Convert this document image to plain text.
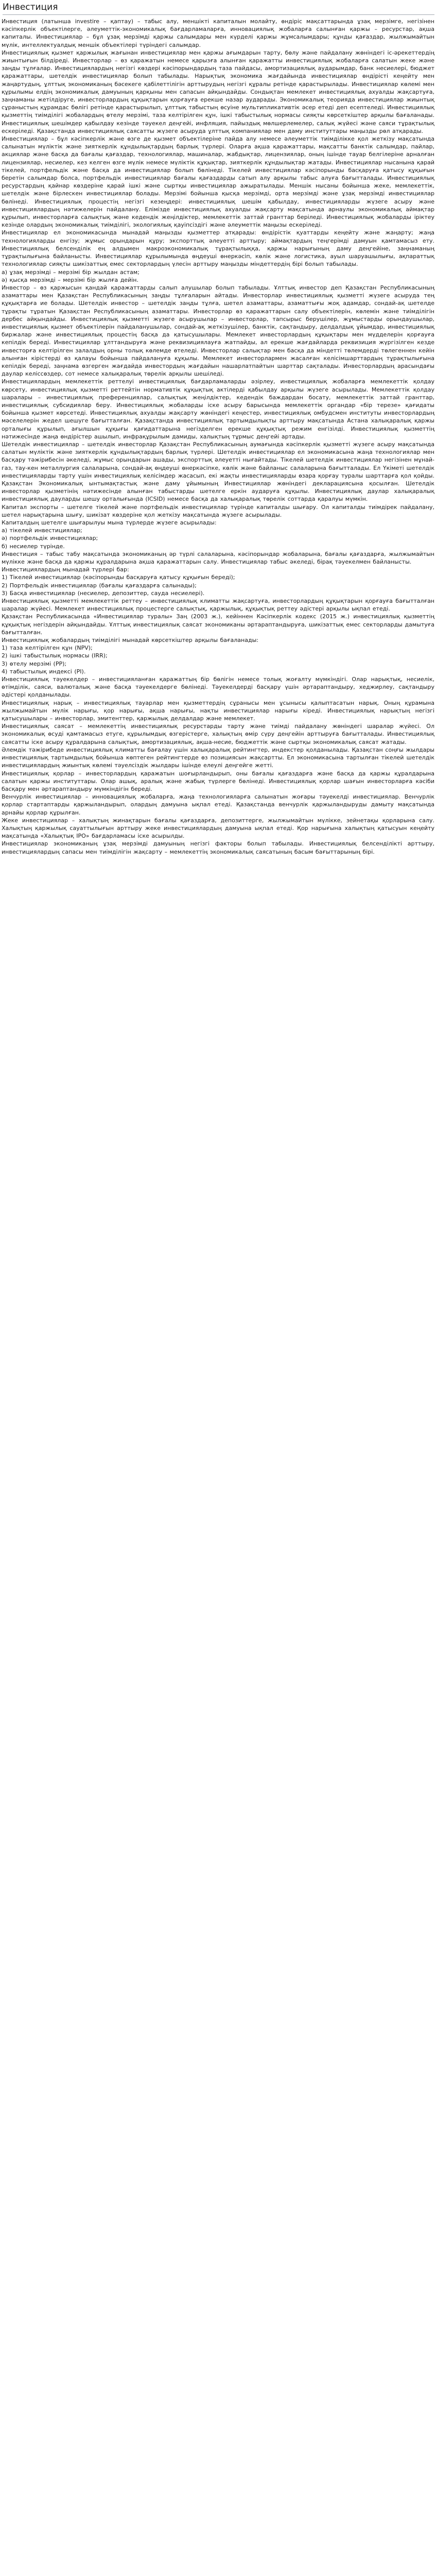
Инвестиция

Инвестиция (латынша investire – қаптау) – табыс алу, меншікті капиталын молайту, өндіріс мақсаттарында ұзақ мерзімге, негізінен кәсіпкерлік объектілерге, әлеуметтік-экономикалық бағдарламаларға, инновациялық жобаларға салынған қаржы – ресурстар, ақша капиталы. Инвестициялар – бұл ұзақ мерзімді қаржы салымдары мен күрделі қаржы жұмсалымдары; құнды қағаздар, жылжымайтын мүлік, интеллектуалдық меншік объектілері түріндегі салымдар.

Инвестициялық қызмет қаржылық жағынан инвестициялар мен қаржы ағымдарын тарту, бөлу және пайдалану жөніндегі іс-әрекеттердің жиынтығын білдіреді. Инвесторлар – өз қаражатын немесе қарызға алынған қаражатты инвестициялық жобаларға салатын жеке және заңды тұлғалар. Инвестициялардың негізгі көздері кәсіпорындардың таза пайдасы, амортизациялық аударымдар, банк несиелері, бюджет қаражаттары, шетелдік инвестициялар болып табылады. Нарықтық экономика жағдайында инвестициялар өндірісті кеңейту мен жаңартудың, ұлттық экономиканың бәсекеге қабілеттілігін арттырудың негізгі құралы ретінде қарастырылады. Инвестициялар көлемі мен құрылымы елдің экономикалық дамуының қарқыны мен сапасын айқындайды. Сондықтан мемлекет инвестициялық ахуалды жақсартуға, заңнаманы жетілдіруге, инвесторлардың құқықтарын қорғауға ерекше назар аударады. Экономикалық теорияда инвестициялар жиынтық сұраныстың құрамдас бөлігі ретінде қарастырылып, ұлттық табыстың өсуіне мультипликативтік әсер етеді деп есептеледі. Инвестициялық қызметтің тиімділігі жобалардың өтелу мерзімі, таза келтірілген құн, ішкі табыстылық нормасы сияқты көрсеткіштер арқылы бағаланады. Инвестициялық шешімдер қабылдау кезінде тәуекел деңгейі, инфляция, пайыздық мөлшерлемелер, салық жүйесі және саяси тұрақтылық ескеріледі. Қазақстанда инвестициялық саясатты жүзеге асыруда ұлттық компаниялар мен даму институттары маңызды рөл атқарады.

Инвестициялар – бұл кәсіпкерлік және өзге де қызмет объектілеріне пайда алу немесе әлеуметтік тиімділікке қол жеткізу мақсатында салынатын мүліктік және зияткерлік құндылықтардың барлық түрлері. Оларға ақша қаражаттары, мақсатты банктік салымдар, пайлар, акциялар және басқа да бағалы қағаздар, технологиялар, машиналар, жабдықтар, лицензиялар, оның ішінде тауар белгілеріне арналған лицензиялар, несиелер, кез келген өзге мүлік немесе мүліктік құқықтар, зияткерлік құндылықтар жатады. Инвестициялар нысанына қарай тікелей, портфельдік және басқа да инвестициялар болып бөлінеді. Тікелей инвестициялар кәсіпорынды басқаруға қатысу құқығын беретін салымдар болса, портфельдік инвестициялар бағалы қағаздарды сатып алу арқылы табыс алуға бағытталады. Инвестициялық ресурстардың қайнар көздеріне қарай ішкі және сыртқы инвестициялар ажыратылады. Меншік нысаны бойынша жеке, мемлекеттік, шетелдік және бірлескен инвестициялар болады. Мерзімі бойынша қысқа мерзімді, орта мерзімді және ұзақ мерзімді инвестициялар бөлінеді. Инвестициялық процестің негізгі кезеңдері: инвестициялық шешім қабылдау, инвестицияларды жүзеге асыру және инвестициялардың нәтижелерін пайдалану. Елімізде инвестициялық ахуалды жақсарту мақсатында арнаулы экономикалық аймақтар құрылып, инвесторларға салықтық және кедендік жеңілдіктер, мемлекеттік заттай гранттар беріледі. Инвестициялық жобаларды іріктеу кезінде олардың экономикалық тиімділігі, экологиялық қауіпсіздігі және әлеуметтік маңызы ескеріледі.

Инвестициялар ел экономикасында мынадай маңызды қызметтер атқарады: өндірістік қуаттарды кеңейту және жаңарту; жаңа технологияларды енгізу; жұмыс орындарын құру; экспорттық әлеуетті арттыру; аймақтардың теңгерімді дамуын қамтамасыз ету. Инвестициялық белсенділік ең алдымен макроэкономикалық тұрақтылыққа, қаржы нарығының даму деңгейіне, заңнаманың тұрақтылығына байланысты. Инвестициялар құрылымында өңдеуші өнеркәсіп, көлік және логистика, ауыл шаруашылығы, ақпараттық технологиялар сияқты шикізаттық емес секторлардың үлесін арттыру маңызды міндеттердің бірі болып табылады.

а) ұзақ мерзімді – мерзімі бір жылдан астам;

ә) қысқа мерзімді – мерзімі бір жылға дейін.

Инвестор – өз қаржысын қандай қаражаттарды салып алушылар болып табылады. Ұлттық инвестор деп Қазақстан Республикасының азаматтары мен Қазақстан Республикасының заңды тұлғаларын айтады. Инвесторлар инвестициялық қызметті жүзеге асыруда тең құқықтарға ие болады. Шетелдік инвестор – шетелдік заңды тұлға, шетел азаматтары, азаматтығы жоқ адамдар, сондай-ақ шетелде тұрақты тұратын Қазақстан Республикасының азаматтары. Инвесторлар өз қаражаттарын салу объектілерін, көлемін және тиімділігін дербес айқындайды. Инвестициялық қызметті жүзеге асырушылар – инвесторлар, тапсырыс берушілер, жұмыстарды орындаушылар, инвестициялық қызмет объектілерін пайдаланушылар, сондай-ақ жеткізушілер, банктік, сақтандыру, делдалдық ұйымдар, инвестициялық биржалар және инвестициялық процестің басқа да қатысушылары. Мемлекет инвесторлардың құқықтары мен мүдделерін қорғауға кепілдік береді. Инвестициялар ұлттандыруға және реквизициялауға жатпайды, ал ерекше жағдайларда реквизиция жүргізілген кезде инвесторға келтірілген залалдың орны толық көлемде өтеледі. Инвесторлар салықтар мен басқа да міндетті төлемдерді төлегеннен кейін алынған кірістерді өз қалауы бойынша пайдалануға құқылы. Мемлекет инвесторлармен жасалған келісімшарттардың тұрақтылығына кепілдік береді, заңнама өзгерген жағдайда инвестордың жағдайын нашарлатпайтын шарттар сақталады. Инвесторлардың арасындағы даулар келіссөздер, сот немесе халықаралық төрелік арқылы шешіледі.

Инвестициялардың мемлекеттік реттелуі инвестициялық бағдарламаларды әзірлеу, инвестициялық жобаларға мемлекеттік қолдау көрсету, инвестициялық қызметті реттейтін нормативтік құқықтық актілерді қабылдау арқылы жүзеге асырылады. Мемлекеттік қолдау шаралары – инвестициялық преференциялар, салықтық жеңілдіктер, кедендік баждардан босату, мемлекеттік заттай гранттар, инвестициялық субсидиялар беру. Инвестициялық жобаларды іске асыру барысында мемлекеттік органдар «бір терезе» қағидаты бойынша қызмет көрсетеді. Инвестициялық ахуалды жақсарту жөніндегі кеңестер, инвестициялық омбудсмен институты инвесторлардың мәселелерін жедел шешуге бағытталған. Қазақстанда инвестициялық тартымдылықты арттыру мақсатында Астана халықаралық қаржы орталығы құрылып, ағылшын құқығы қағидаттарына негізделген ерекше құқықтық режим енгізілді. Инвестициялық қызметтің нәтижесінде жаңа өндірістер ашылып, инфрақұрылым дамиды, халықтың тұрмыс деңгейі артады.

Шетелдік инвестициялар – шетелдік инвесторлар Қазақстан Республикасының аумағында кәсіпкерлік қызметті жүзеге асыру мақсатында салатын мүліктік және зияткерлік құндылықтардың барлық түрлері. Шетелдік инвестициялар ел экономикасына жаңа технологиялар мен басқару тәжірибесін әкеледі, жұмыс орындарын ашады, экспорттық әлеуетті нығайтады. Тікелей шетелдік инвестициялар негізінен мұнай-газ, тау-кен металлургия салаларына, сондай-ақ өңдеуші өнеркәсіпке, көлік және байланыс салаларына бағытталады. Ел Үкіметі шетелдік инвестицияларды тарту үшін инвестициялық келісімдер жасасып, екі жақты инвестицияларды өзара қорғау туралы шарттарға қол қойды. Қазақстан Экономикалық ынтымақтастық және даму ұйымының Инвестициялар жөніндегі декларациясына қосылған. Шетелдік инвесторлар қызметінің нәтижесінде алынған табыстарды шетелге еркін аударуға құқылы. Инвестициялық даулар халықаралық инвестициялық дауларды шешу орталығында (ICSID) немесе басқа да халықаралық төрелік соттарда қаралуы мүмкін.

Капитал экспорты – шетелге тікелей және портфельдік инвестициялар түрінде капиталды шығару. Ол капиталды тиімдірек пайдалану, шетел нарықтарына шығу, шикізат көздеріне қол жеткізу мақсатында жүзеге асырылады.

Капиталдың шетелге шығарылуы мына түрлерде жүзеге асырылады:

а) тікелей инвестициялар;

ә) портфельдік инвестициялар;

б) несиелер түрінде.

Инвестиция – табыс табу мақсатында экономиканың әр түрлі салаларына, кәсіпорындар жобаларына, бағалы қағаздарға, жылжымайтын мүлікке және басқа да қаржы құралдарына ақша қаражаттарын салу. Инвестициялар табыс әкеледі, бірақ тәуекелмен байланысты.

Инвестициялардың мынадай түрлері бар:

1) Тікелей инвестициялар (кәсіпорынды басқаруға қатысу құқығын береді);

2) Портфельдік инвестициялар (бағалы қағаздарға салынады);

3) Басқа инвестициялар (несиелер, депозиттер, сауда несиелері).

Инвестициялық қызметті мемлекеттік реттеу – инвестициялық климатты жақсартуға, инвесторлардың құқықтарын қорғауға бағытталған шаралар жүйесі. Мемлекет инвестициялық процестерге салықтық, қаржылық, құқықтық реттеу әдістері арқылы ықпал етеді.

Қазақстан Республикасында «Инвестициялар туралы» Заң (2003 ж.), кейіннен Кәсіпкерлік кодекс (2015 ж.) инвестициялық қызметтің құқықтық негіздерін айқындайды. Ұлттық инвестициялық саясат экономиканы әртараптандыруға, шикізаттық емес секторларды дамытуға бағытталған.

Инвестициялық жобалардың тиімділігі мынадай көрсеткіштер арқылы бағаланады:

1) таза келтірілген құн (NPV);

2) ішкі табыстылық нормасы (IRR);

3) өтелу мерзімі (PP);

4) табыстылық индексі (PI).

Инвестициялық тәуекелдер – инвестицияланған қаражаттың бір бөлігін немесе толық жоғалту мүмкіндігі. Олар нарықтық, несиелік, өтімділік, саяси, валюталық және басқа тәуекелдерге бөлінеді. Тәуекелдерді басқару үшін әртараптандыру, хеджирлеу, сақтандыру әдістері қолданылады.

Инвестициялық нарық – инвестициялық тауарлар мен қызметтердің сұранысы мен ұсынысы қалыптасатын нарық. Оның құрамына жылжымайтын мүлік нарығы, қор нарығы, ақша нарығы, нақты инвестициялар нарығы кіреді. Инвестициялық нарықтың негізгі қатысушылары – инвесторлар, эмитенттер, қаржылық делдалдар және мемлекет.

Инвестициялық саясат – мемлекеттің инвестициялық ресурстарды тарту және тиімді пайдалану жөніндегі шаралар жүйесі. Ол экономикалық өсуді қамтамасыз етуге, құрылымдық өзгерістерге, халықтың өмір сүру деңгейін арттыруға бағытталады. Инвестициялық саясатты іске асыру құралдарына салықтық, амортизациялық, ақша-несие, бюджеттік және сыртқы экономикалық саясат жатады.

Әлемдік тәжірибеде инвестициялық климатты бағалау үшін халықаралық рейтингтер, индекстер қолданылады. Қазақстан соңғы жылдары инвестициялық тартымдылық бойынша көптеген рейтингтерде өз позициясын жақсартты. Ел экономикасына тартылған тікелей шетелдік инвестициялардың жиынтық көлемі тәуелсіздік жылдары ішінде елеулі деңгейге жетті.

Инвестициялық қорлар – инвесторлардың қаражатын шоғырландырып, оны бағалы қағаздарға және басқа да қаржы құралдарына салатын қаржы институттары. Олар ашық, аралық және жабық түрлерге бөлінеді. Инвестициялық қорлар шағын инвесторларға кәсіби басқару мен әртараптандыру мүмкіндігін береді.

Венчурлік инвестициялар – инновациялық жобаларға, жаңа технологияларға салынатын жоғары тәуекелді инвестициялар. Венчурлік қорлар стартаптарды қаржыландырып, олардың дамуына ықпал етеді. Қазақстанда венчурлік қаржыландыруды дамыту мақсатында арнайы қорлар құрылған.

Жеке инвестициялар – халықтың жинақтарын бағалы қағаздарға, депозиттерге, жылжымайтын мүлікке, зейнетақы қорларына салу. Халықтың қаржылық сауаттылығын арттыру жеке инвестициялардың дамуына ықпал етеді. Қор нарығына халықтың қатысуын кеңейту мақсатында «Халықтық IPO» бағдарламасы іске асырылды.

Инвестициялар экономиканың ұзақ мерзімді дамуының негізгі факторы болып табылады. Инвестициялық белсенділікті арттыру, инвестициялардың сапасы мен тиімділігін жақсарту – мемлекеттің экономикалық саясатының басым бағыттарының бірі.
